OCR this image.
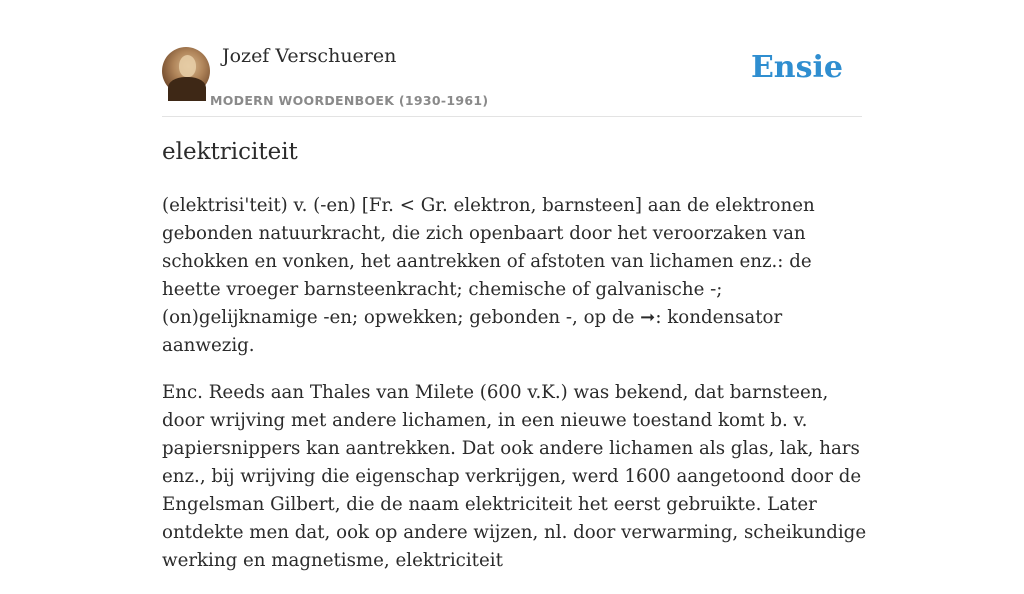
Jozef Verschueren
MODERN WOORDENBOEK (1930-1961)
Ensie
elektriciteit

(elektrisi'teit) v. (-en) [Fr. < Gr. elektron, barnsteen] aan de elektronen gebonden natuurkracht, die zich openbaart door het veroorzaken van schokken en vonken, het aantrekken of afstoten van lichamen enz.: de heette vroeger barnsteenkracht; chemische of galvanische -; (on)gelijknamige -en; opwekken; gebonden -, op de ➞: kondensator aanwezig.

Enc. Reeds aan Thales van Milete (600 v.K.) was bekend, dat barnsteen, door wrijving met andere lichamen, in een nieuwe toestand komt b. v. papiersnippers kan aantrekken. Dat ook andere lichamen als glas, lak, hars enz., bij wrijving die eigenschap verkrijgen, werd 1600 aangetoond door de Engelsman Gilbert, die de naam elektriciteit het eerst gebruikte. Later ontdekte men dat, ook op andere wijzen, nl. door verwarming, scheikundige werking en magnetisme, elektriciteit
